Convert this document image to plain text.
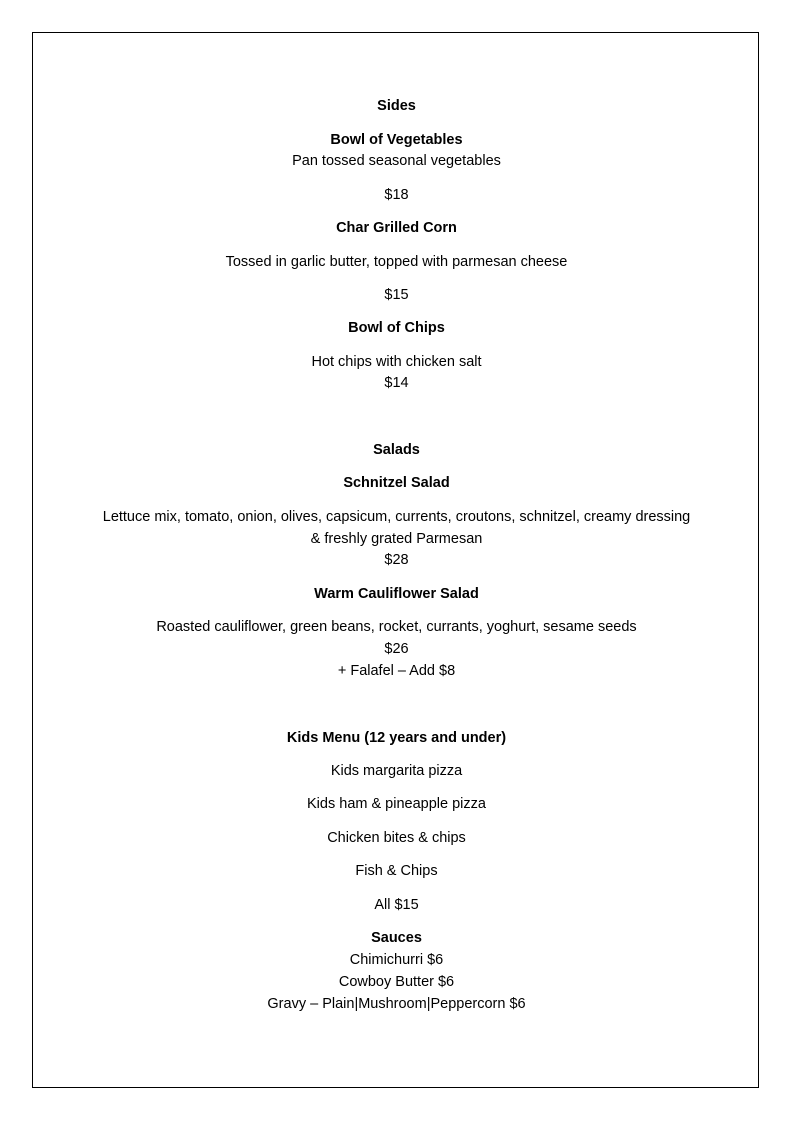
Sides
Bowl of Vegetables
Pan tossed seasonal vegetables
$18
Char Grilled Corn
Tossed in garlic butter, topped with parmesan cheese
$15
Bowl of Chips
Hot chips with chicken salt
$14
Salads
Schnitzel Salad
Lettuce mix, tomato, onion, olives, capsicum, currents, croutons, schnitzel, creamy dressing
& freshly grated Parmesan
$28
Warm Cauliflower Salad
Roasted cauliflower, green beans, rocket, currants, yoghurt, sesame seeds
$26
+ Falafel – Add $8
Kids Menu (12 years and under)
Kids margarita pizza
Kids ham & pineapple pizza
Chicken bites & chips
Fish & Chips
All $15
Sauces
Chimichurri $6
Cowboy Butter $6
Gravy – Plain|Mushroom|Peppercorn $6
